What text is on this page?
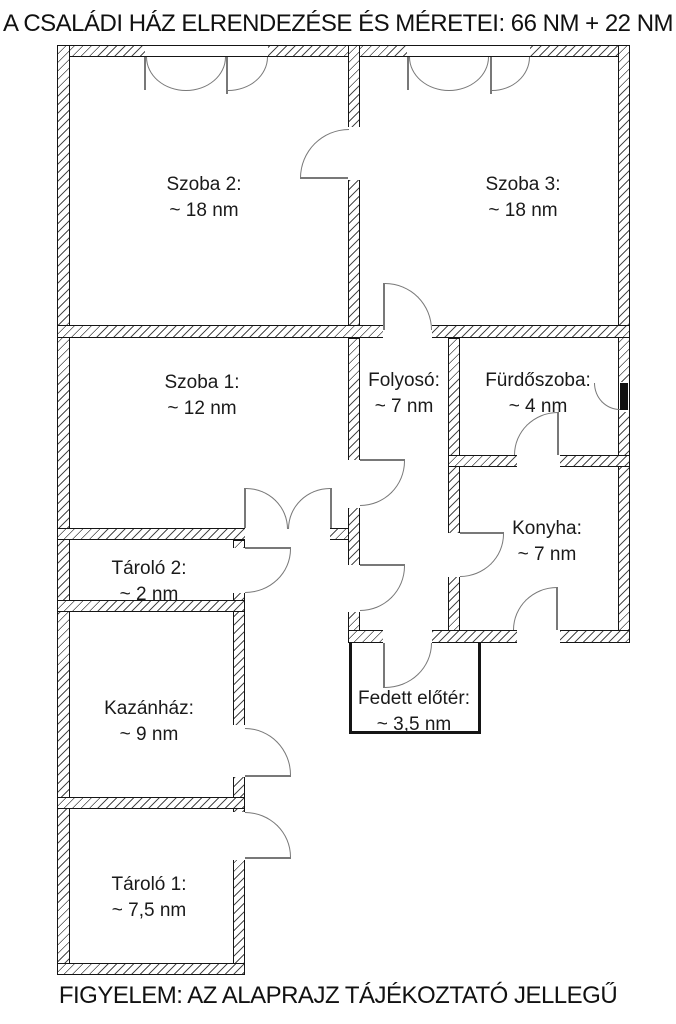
A CSALÁDI HÁZ ELRENDEZÉSE ÉS MÉRETEI: 66 NM + 22 NM
Szoba 2:
~ 18 nm
Szoba 3:
~ 18 nm
Szoba 1:
~ 12 nm
Folyosó:
~ 7 nm
Fürdőszoba:
~ 4 nm
Konyha:
~ 7 nm
Tároló 2:
~ 2 nm
Kazánház:
~ 9 nm
Tároló 1:
~ 7,5 nm
Fedett előtér:
~ 3,5 nm
FIGYELEM: AZ ALAPRAJZ TÁJÉKOZTATÓ JELLEGŰ
